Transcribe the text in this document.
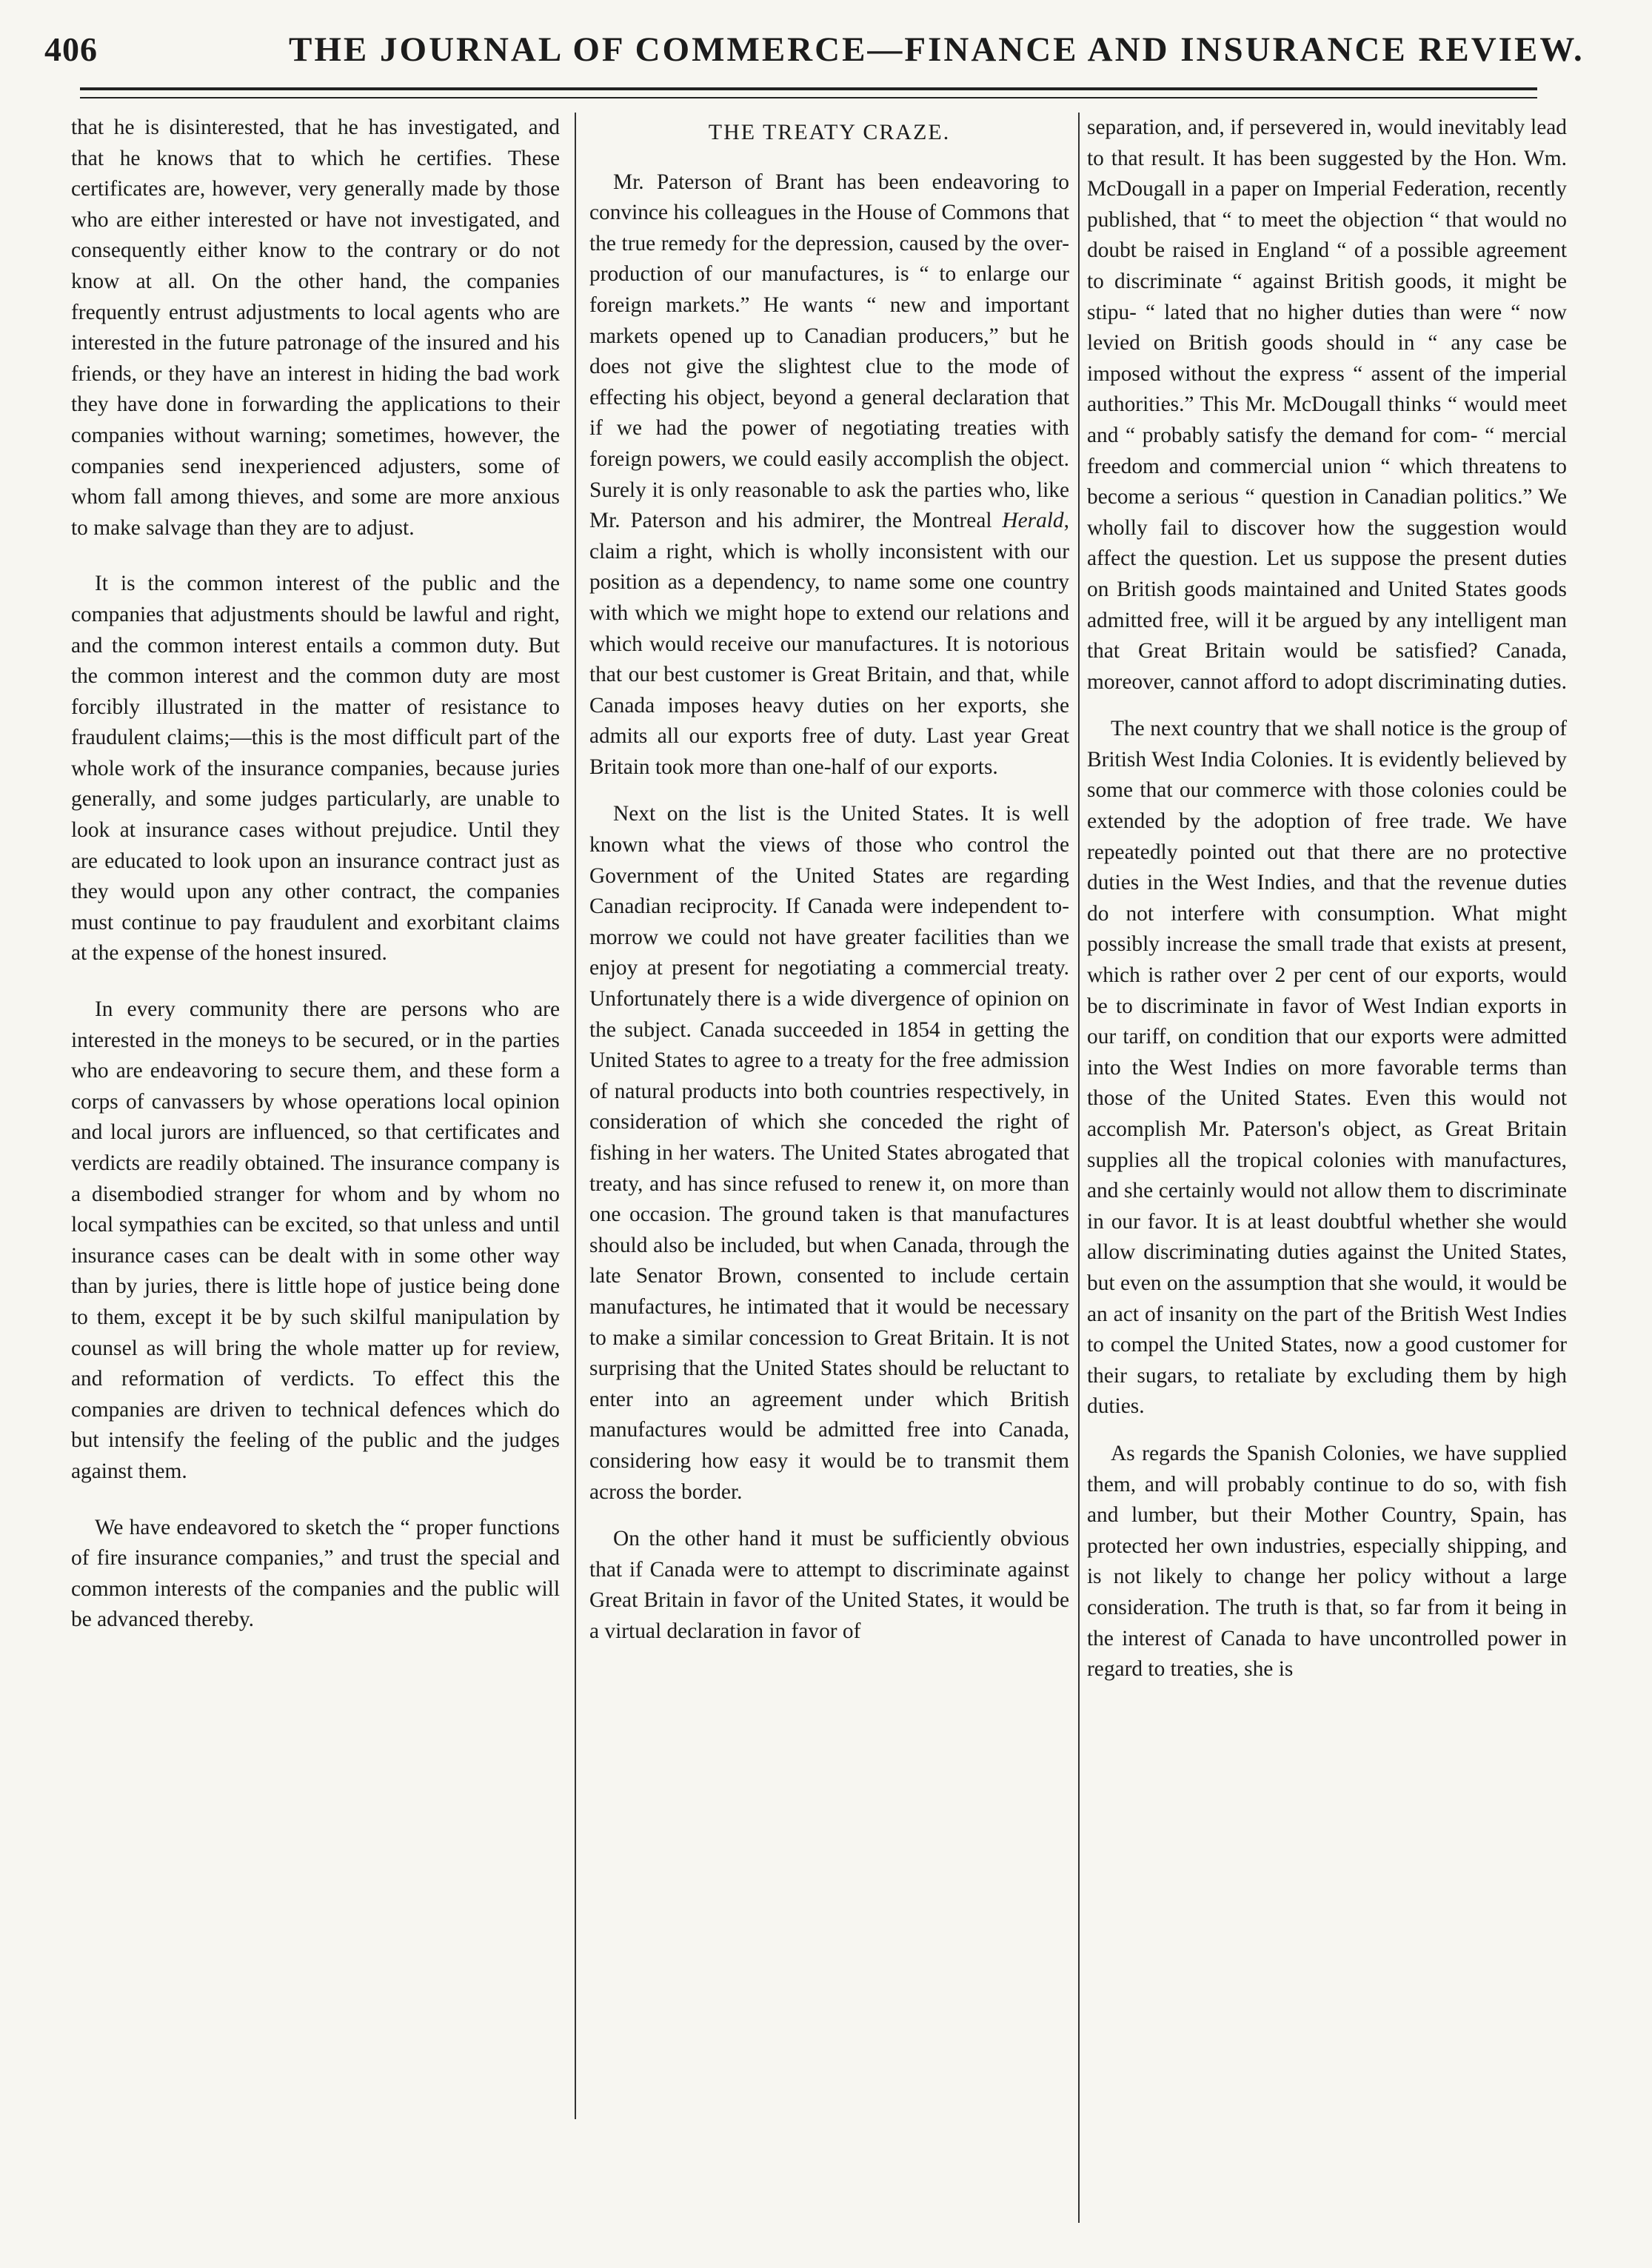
406	THE JOURNAL OF COMMERCE—FINANCE AND INSURANCE REVIEW.

that he is disinterested, that he has investigated, and that he knows that to which he certifies. These certificates are, however, very generally made by those who are either interested or have not investigated, and consequently either know to the contrary or do not know at all. On the other hand, the companies frequently entrust adjustments to local agents who are interested in the future patronage of the insured and his friends, or they have an interest in hiding the bad work they have done in forwarding the applications to their companies without warning; sometimes, however, the companies send inexperienced adjusters, some of whom fall among thieves, and some are more anxious to make salvage than they are to adjust.

It is the common interest of the public and the companies that adjustments should be lawful and right, and the common interest entails a common duty. But the common interest and the common duty are most forcibly illustrated in the matter of resistance to fraudulent claims;—this is the most difficult part of the whole work of the insurance companies, because juries generally, and some judges particularly, are unable to look at insurance cases without prejudice. Until they are educated to look upon an insurance contract just as they would upon any other contract, the companies must continue to pay fraudulent and exorbitant claims at the expense of the honest insured.

In every community there are persons who are interested in the moneys to be secured, or in the parties who are endeavoring to secure them, and these form a corps of canvassers by whose operations local opinion and local jurors are influenced, so that certificates and verdicts are readily obtained. The insurance company is a disembodied stranger for whom and by whom no local sympathies can be excited, so that unless and until insurance cases can be dealt with in some other way than by juries, there is little hope of justice being done to them, except it be by such skilful manipulation by counsel as will bring the whole matter up for review, and reformation of verdicts. To effect this the companies are driven to technical defences which do but intensify the feeling of the public and the judges against them.

We have endeavored to sketch the “ proper functions of fire insurance companies,” and trust the special and common interests of the companies and the public will be advanced thereby.

THE TREATY CRAZE.

Mr. Paterson of Brant has been endeavoring to convince his colleagues in the House of Commons that the true remedy for the depression, caused by the over-production of our manufactures, is “ to enlarge our foreign markets.” He wants “ new and important markets opened up to Canadian producers,” but he does not give the slightest clue to the mode of effecting his object, beyond a general declaration that if we had the power of negotiating treaties with foreign powers, we could easily accomplish the object. Surely it is only reasonable to ask the parties who, like Mr. Paterson and his admirer, the Montreal Herald, claim a right, which is wholly inconsistent with our position as a dependency, to name some one country with which we might hope to extend our relations and which would receive our manufactures. It is notorious that our best customer is Great Britain, and that, while Canada imposes heavy duties on her exports, she admits all our exports free of duty. Last year Great Britain took more than one-half of our exports.

Next on the list is the United States. It is well known what the views of those who control the Government of the United States are regarding Canadian reciprocity. If Canada were independent to-morrow we could not have greater facilities than we enjoy at present for negotiating a commercial treaty. Unfortunately there is a wide divergence of opinion on the subject. Canada succeeded in 1854 in getting the United States to agree to a treaty for the free admission of natural products into both countries respectively, in consideration of which she conceded the right of fishing in her waters. The United States abrogated that treaty, and has since refused to renew it, on more than one occasion. The ground taken is that manufactures should also be included, but when Canada, through the late Senator Brown, consented to include certain manufactures, he intimated that it would be necessary to make a similar concession to Great Britain. It is not surprising that the United States should be reluctant to enter into an agreement under which British manufactures would be admitted free into Canada, considering how easy it would be to transmit them across the border.

On the other hand it must be sufficiently obvious that if Canada were to attempt to discriminate against Great Britain in favor of the United States, it would be a virtual declaration in favor of

separation, and, if persevered in, would inevitably lead to that result. It has been suggested by the Hon. Wm. McDougall in a paper on Imperial Federation, recently published, that “ to meet the objection “ that would no doubt be raised in England “ of a possible agreement to discriminate “ against British goods, it might be stipu- “ lated that no higher duties than were “ now levied on British goods should in “ any case be imposed without the express “ assent of the imperial authorities.” This Mr. McDougall thinks “ would meet and “ probably satisfy the demand for com- “ mercial freedom and commercial union “ which threatens to become a serious “ question in Canadian politics.” We wholly fail to discover how the suggestion would affect the question. Let us suppose the present duties on British goods maintained and United States goods admitted free, will it be argued by any intelligent man that Great Britain would be satisfied? Canada, moreover, cannot afford to adopt discriminating duties.

The next country that we shall notice is the group of British West India Colonies. It is evidently believed by some that our commerce with those colonies could be extended by the adoption of free trade. We have repeatedly pointed out that there are no protective duties in the West Indies, and that the revenue duties do not interfere with consumption. What might possibly increase the small trade that exists at present, which is rather over 2 per cent of our exports, would be to discriminate in favor of West Indian exports in our tariff, on condition that our exports were admitted into the West Indies on more favorable terms than those of the United States. Even this would not accomplish Mr. Paterson's object, as Great Britain supplies all the tropical colonies with manufactures, and she certainly would not allow them to discriminate in our favor. It is at least doubtful whether she would allow discriminating duties against the United States, but even on the assumption that she would, it would be an act of insanity on the part of the British West Indies to compel the United States, now a good customer for their sugars, to retaliate by excluding them by high duties.

As regards the Spanish Colonies, we have supplied them, and will probably continue to do so, with fish and lumber, but their Mother Country, Spain, has protected her own industries, especially shipping, and is not likely to change her policy without a large consideration. The truth is that, so far from it being in the interest of Canada to have uncontrolled power in regard to treaties, she is
